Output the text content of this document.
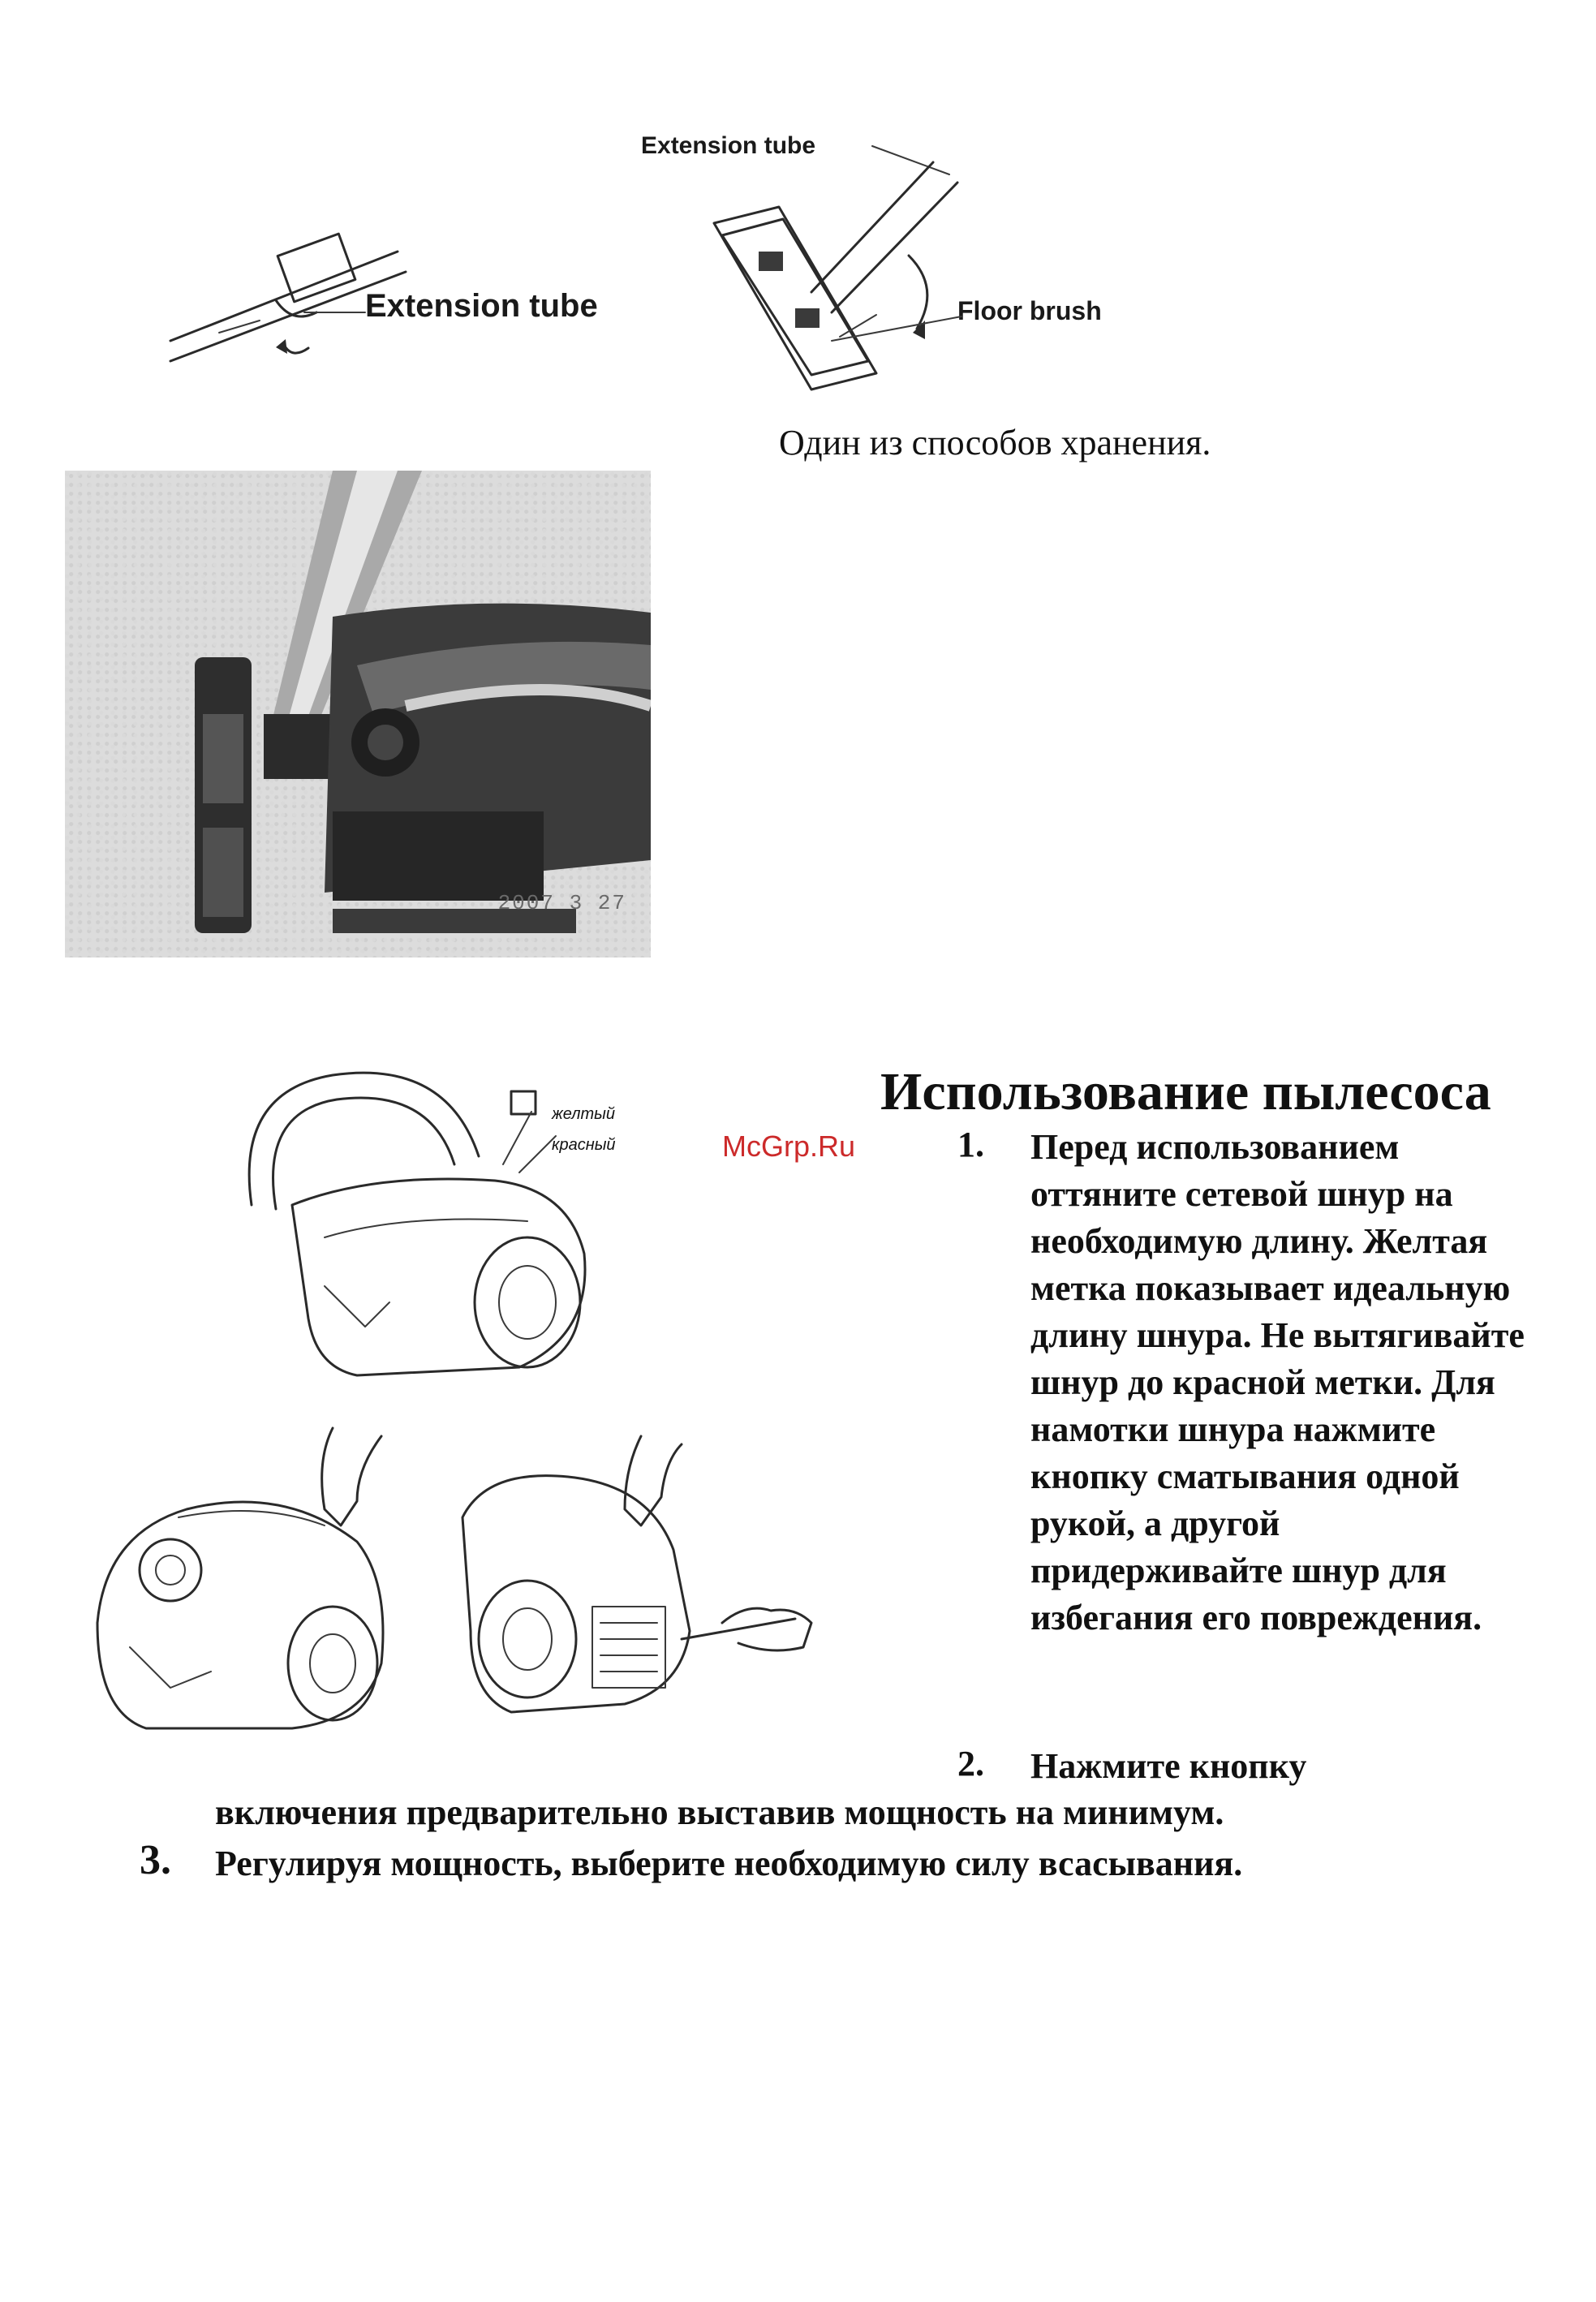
Extension tube
Extension tube
Floor brush
Один из способов хранения.
2007 3 27
Использование пылесоса
желтый
красный	McGrp.Ru	1. Перед использованием оттяните сетевой шнур на необходимую длину. Желтая метка показывает идеальную длину шнура. Не вытягивайте шнур до красной метки. Для намотки шнура нажмите кнопку сматывания одной рукой, а другой придерживайте шнур для избегания его повреждения.
2. Нажмите кнопку
включения предварительно выставив мощность на минимум.
3. Регулируя мощность, выберите необходимую силу всасывания.
